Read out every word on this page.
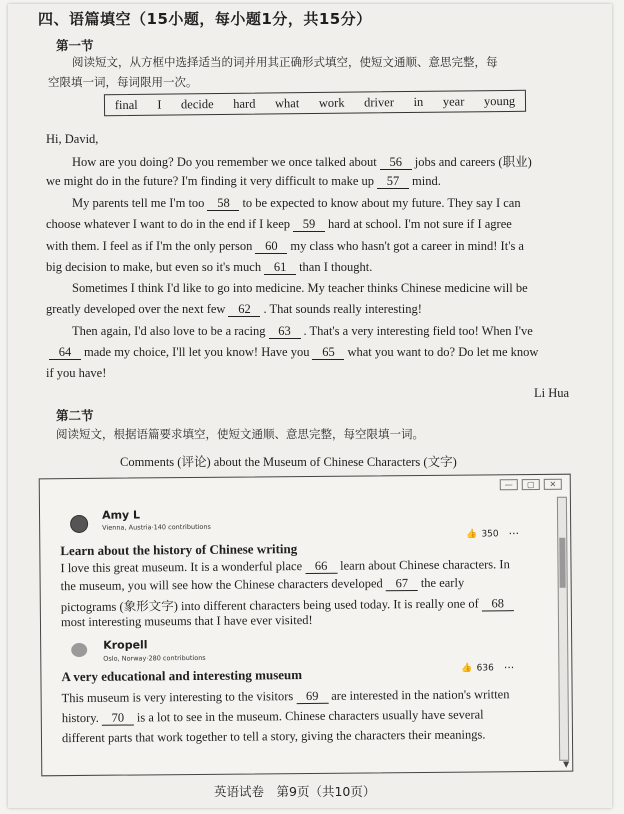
四、语篇填空（15小题，每小题1分，共15分）
第一节
阅读短文，从方框中选择适当的词并用其正确形式填空，使短文通顺、意思完整，每
空限填一词，每词限用一次。
final I decide hard what work driver in year young
Hi, David,
How are you doing? Do you remember we once talked about 56 jobs and careers (职业)
we might do in the future? I'm finding it very difficult to make up 57 mind.
My parents tell me I'm too 58 to be expected to know about my future. They say I can
choose whatever I want to do in the end if I keep 59 hard at school. I'm not sure if I agree
with them. I feel as if I'm the only person 60 my class who hasn't got a career in mind! It's a
big decision to make, but even so it's much 61 than I thought.
Sometimes I think I'd like to go into medicine. My teacher thinks Chinese medicine will be
greatly developed over the next few 62 . That sounds really interesting!
Then again, I'd also love to be a racing 63 . That's a very interesting field too! When I've
64 made my choice, I'll let you know! Have you 65 what you want to do? Do let me know
if you have!
Li Hua
第二节
阅读短文，根据语篇要求填空，使短文通顺、意思完整，每空限填一词。
Comments (评论) about the Museum of Chinese Characters (文字)
—	▢	✕
▼
Amy L
Vienna, Austria·140 contributions
👍 350 ···
Learn about the history of Chinese writing
I love this great museum. It is a wonderful place 66 learn about Chinese characters. In
the museum, you will see how the Chinese characters developed 67 the early
pictograms (象形文字) into different characters being used today. It is really one of 68
most interesting museums that I have ever visited!
Kropell
Oslo, Norway·280 contributions
👍 636 ···
A very educational and interesting museum
This museum is very interesting to the visitors 69 are interested in the nation's written
history. 70 is a lot to see in the museum. Chinese characters usually have several
different parts that work together to tell a story, giving the characters their meanings.
英语试卷　第9页（共10页）
